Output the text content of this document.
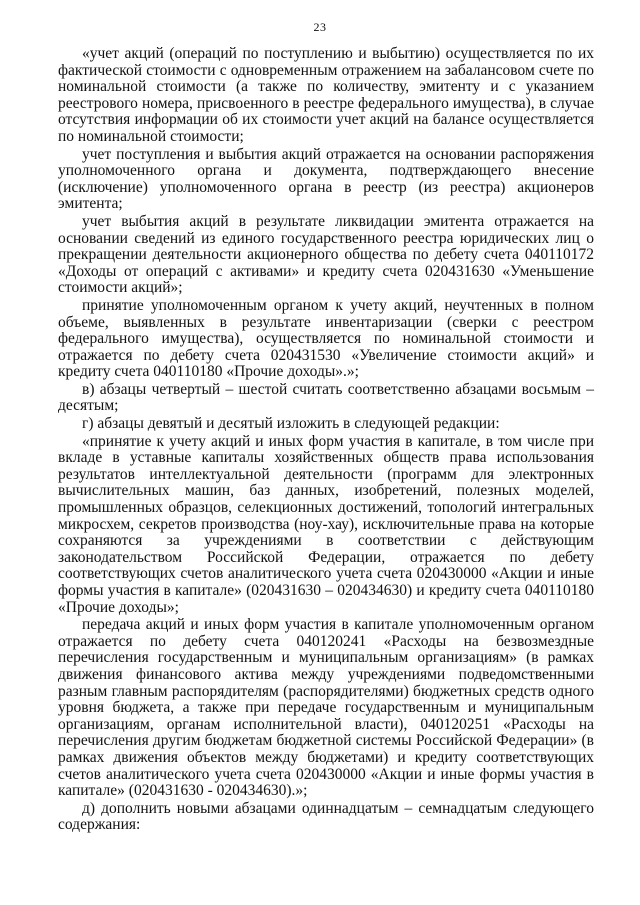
23

«учет акций (операций по поступлению и выбытию) осуществляется по их фактической стоимости с одновременным отражением на забалансовом счете по номинальной стоимости (а также по количеству, эмитенту и с указанием реестрового номера, присвоенного в реестре федерального имущества), в случае отсутствия информации об их стоимости учет акций на балансе осуществляется по номинальной стоимости;

учет поступления и выбытия акций отражается на основании распоряжения уполномоченного органа и документа, подтверждающего внесение (исключение) уполномоченного органа в реестр (из реестра) акционеров эмитента;

учет выбытия акций в результате ликвидации эмитента отражается на основании сведений из единого государственного реестра юридических лиц о прекращении деятельности акционерного общества по дебету счета 040110172 «Доходы от операций с активами» и кредиту счета 020431630 «Уменьшение стоимости акций»;

принятие уполномоченным органом к учету акций, неучтенных в полном объеме, выявленных в результате инвентаризации (сверки с реестром федерального имущества), осуществляется по номинальной стоимости и отражается по дебету счета 020431530 «Увеличение стоимости акций» и кредиту счета 040110180 «Прочие доходы».»;

в) абзацы четвертый – шестой считать соответственно абзацами восьмым – десятым;

г) абзацы девятый и десятый изложить в следующей редакции:

«принятие к учету акций и иных форм участия в капитале, в том числе при вкладе в уставные капиталы хозяйственных обществ права использования результатов интеллектуальной деятельности (программ для электронных вычислительных машин, баз данных, изобретений, полезных моделей, промышленных образцов, селекционных достижений, топологий интегральных микросхем, секретов производства (ноу-хау), исключительные права на которые сохраняются за учреждениями в соответствии с действующим законодательством Российской Федерации, отражается по дебету соответствующих счетов аналитического учета счета 020430000 «Акции и иные формы участия в капитале» (020431630 – 020434630) и кредиту счета 040110180 «Прочие доходы»;

передача акций и иных форм участия в капитале уполномоченным органом отражается по дебету счета 040120241 «Расходы на безвозмездные перечисления государственным и муниципальным организациям» (в рамках движения финансового актива между учреждениями подведомственными разным главным распорядителям (распорядителями) бюджетных средств одного уровня бюджета, а также при передаче государственным и муниципальным организациям, органам исполнительной власти), 040120251 «Расходы на перечисления другим бюджетам бюджетной системы Российской Федерации» (в рамках движения объектов между бюджетами) и кредиту соответствующих счетов аналитического учета счета 020430000 «Акции и иные формы участия в капитале» (020431630 - 020434630).»;

д) дополнить новыми абзацами одиннадцатым – семнадцатым следующего содержания:
